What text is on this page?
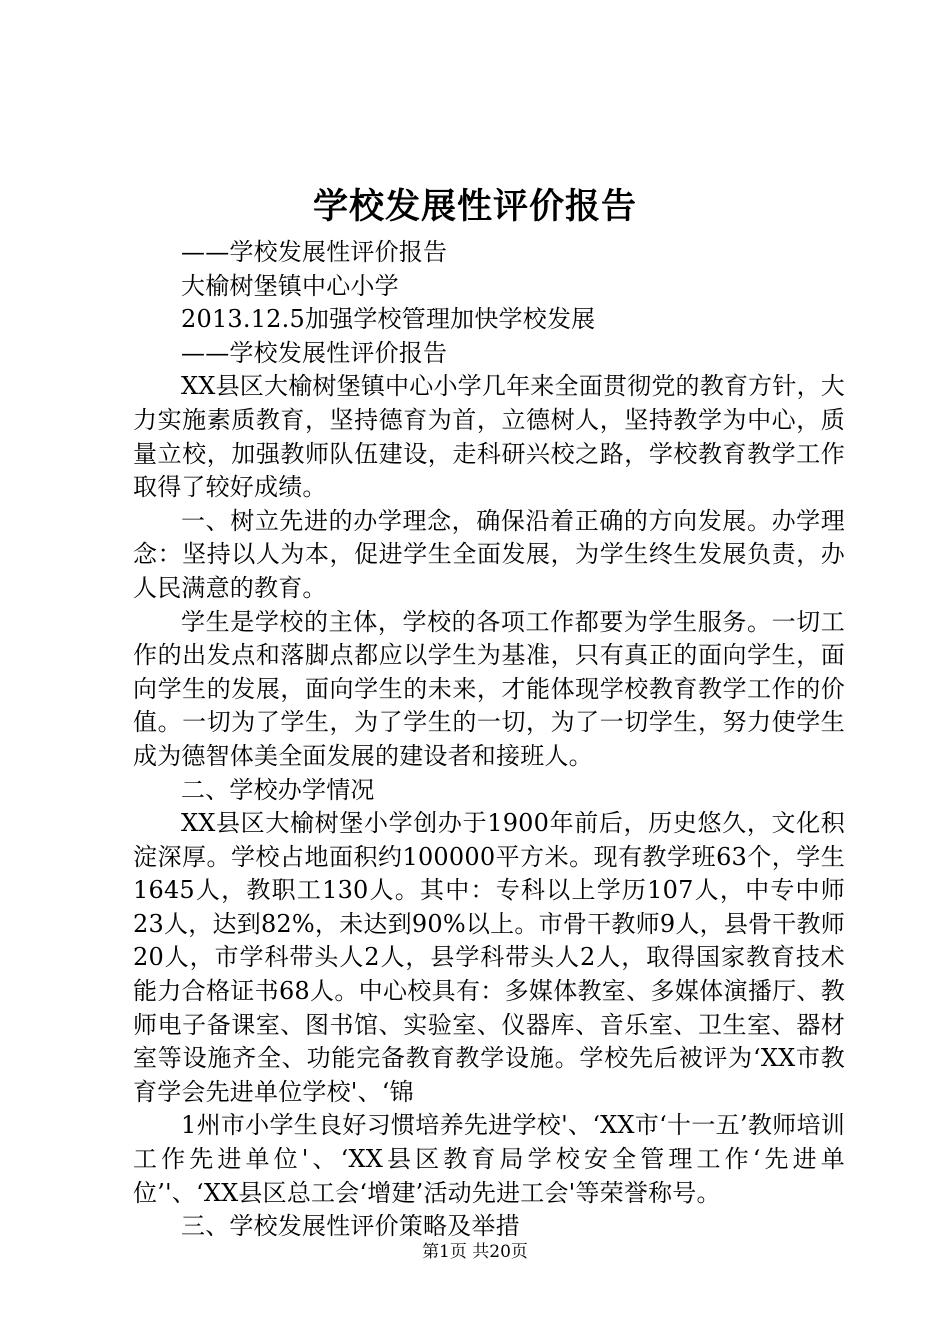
学校发展性评价报告

——学校发展性评价报告

大榆树堡镇中心小学

2013.12.5加强学校管理加快学校发展

——学校发展性评价报告

XX县区大榆树堡镇中心小学几年来全面贯彻党的教育方针，大力实施素质教育，坚持德育为首，立德树人，坚持教学为中心，质量立校，加强教师队伍建设，走科研兴校之路，学校教育教学工作取得了较好成绩。

一、树立先进的办学理念，确保沿着正确的方向发展。办学理念：坚持以人为本，促进学生全面发展，为学生终生发展负责，办人民满意的教育。

学生是学校的主体，学校的各项工作都要为学生服务。一切工作的出发点和落脚点都应以学生为基准，只有真正的面向学生，面向学生的发展，面向学生的未来，才能体现学校教育教学工作的价值。一切为了学生，为了学生的一切，为了一切学生，努力使学生成为德智体美全面发展的建设者和接班人。

二、学校办学情况

XX县区大榆树堡小学创办于1900年前后，历史悠久，文化积淀深厚。学校占地面积约100000平方米。现有教学班63个，学生1645人，教职工130人。其中：专科以上学历107人，中专中师23人，达到82%，未达到90%以上。市骨干教师9人，县骨干教师20人，市学科带头人2人，县学科带头人2人，取得国家教育技术能力合格证书68人。中心校具有：多媒体教室、多媒体演播厅、教师电子备课室、图书馆、实验室、仪器库、音乐室、卫生室、器材室等设施齐全、功能完备教育教学设施。学校先后被评为‘XX市教育学会先进单位学校'、‘锦

1州市小学生良好习惯培养先进学校'、‘XX市‘十一五’教师培训工作先进单位'、‘XX县区教育局学校安全管理工作‘先进单位’'、‘XX县区总工会‘增建’活动先进工会'等荣誉称号。

三、学校发展性评价策略及举措

第1页 共20页
